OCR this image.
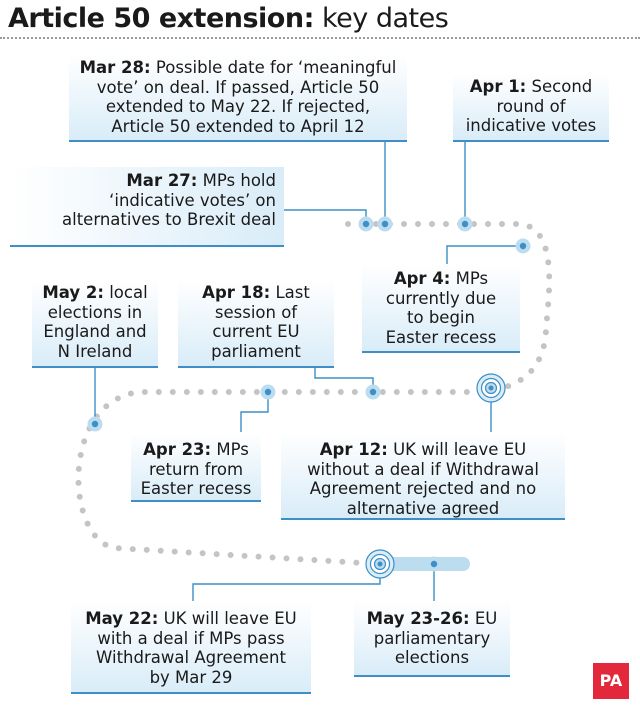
Article 50 extension: key dates
Mar 28: Possible date for ‘meaningful
vote’ on deal. If passed, Article 50
extended to May 22. If rejected,
Article 50 extended to April 12
Apr 1: Second
round of
indicative votes
Mar 27: MPs hold
‘indicative votes’ on
alternatives to Brexit deal
Apr 4: MPs
currently due
to begin
Easter recess
May 2: local
elections in
England and
N Ireland
Apr 18: Last
session of
current EU
parliament
Apr 23: MPs
return from
Easter recess
Apr 12: UK will leave EU
without a deal if Withdrawal
Agreement rejected and no
alternative agreed
May 22: UK will leave EU
with a deal if MPs pass
Withdrawal Agreement
by Mar 29
May 23-26: EU
parliamentary
elections
PA
